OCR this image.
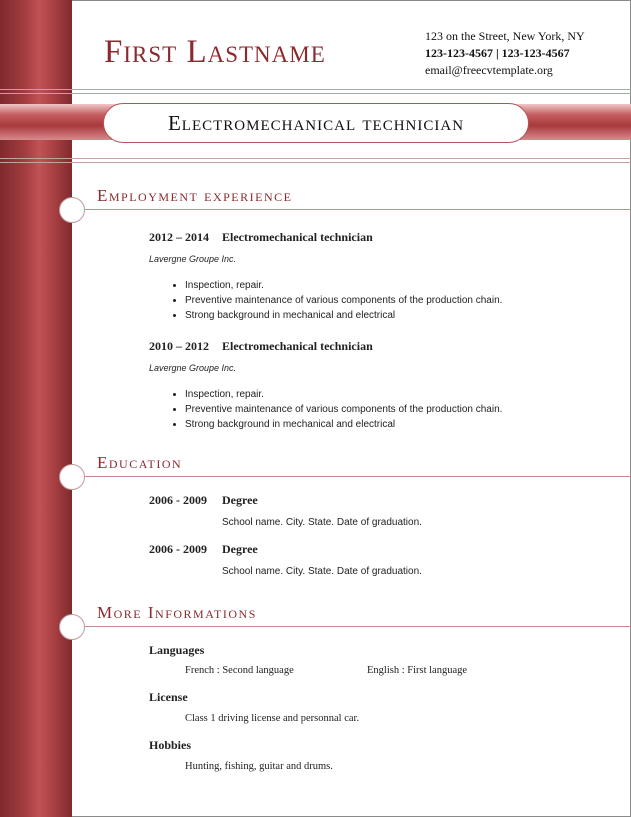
First Lastname	123 on the Street, New York, NY
123-123-4567 | 123-123-4567
email@freecvtemplate.org
Electromechanical technician
Employment experience
2012 – 2014 Electromechanical technician
Lavergne Groupe Inc.
• Inspection, repair.
• Preventive maintenance of various components of the production chain.
• Strong background in mechanical and electrical
2010 – 2012 Electromechanical technician
Lavergne Groupe Inc.
• Inspection, repair.
• Preventive maintenance of various components of the production chain.
• Strong background in mechanical and electrical
Education
2006 - 2009 Degree
School name. City. State. Date of graduation.
2006 - 2009 Degree
School name. City. State. Date of graduation.
More Informations
Languages
French : Second language	English : First language
License
Class 1 driving license and personnal car.
Hobbies
Hunting, fishing, guitar and drums.
